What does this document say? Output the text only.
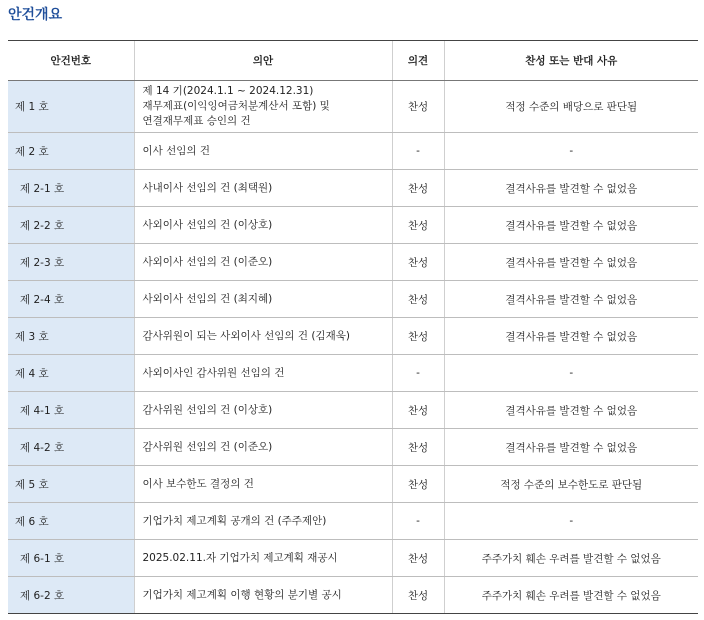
안건개요
안건번호	의안	의견	찬성 또는 반대 사유
제 1 호	제 14 기(2024.1.1 ~ 2024.12.31)
재무제표(이익잉여금처분계산서 포함) 및
연결재무제표 승인의 건	찬성	적정 수준의 배당으로 판단됨
제 2 호	이사 선임의 건	-	-
제 2-1 호	사내이사 선임의 건 (최택원)	찬성	결격사유를 발견할 수 없었음
제 2-2 호	사외이사 선임의 건 (이상호)	찬성	결격사유를 발견할 수 없었음
제 2-3 호	사외이사 선임의 건 (이준오)	찬성	결격사유를 발견할 수 없었음
제 2-4 호	사외이사 선임의 건 (최지혜)	찬성	결격사유를 발견할 수 없었음
제 3 호	감사위원이 되는 사외이사 선임의 건 (김재욱)	찬성	결격사유를 발견할 수 없었음
제 4 호	사외이사인 감사위원 선임의 건	-	-
제 4-1 호	감사위원 선임의 건 (이상호)	찬성	결격사유를 발견할 수 없었음
제 4-2 호	감사위원 선임의 건 (이준오)	찬성	결격사유를 발견할 수 없었음
제 5 호	이사 보수한도 결정의 건	찬성	적정 수준의 보수한도로 판단됨
제 6 호	기업가치 제고계획 공개의 건 (주주제안)	-	-
제 6-1 호	2025.02.11.자 기업가치 제고계획 재공시	찬성	주주가치 훼손 우려를 발견할 수 없었음
제 6-2 호	기업가치 제고계획 이행 현황의 분기별 공시	찬성	주주가치 훼손 우려를 발견할 수 없었음
